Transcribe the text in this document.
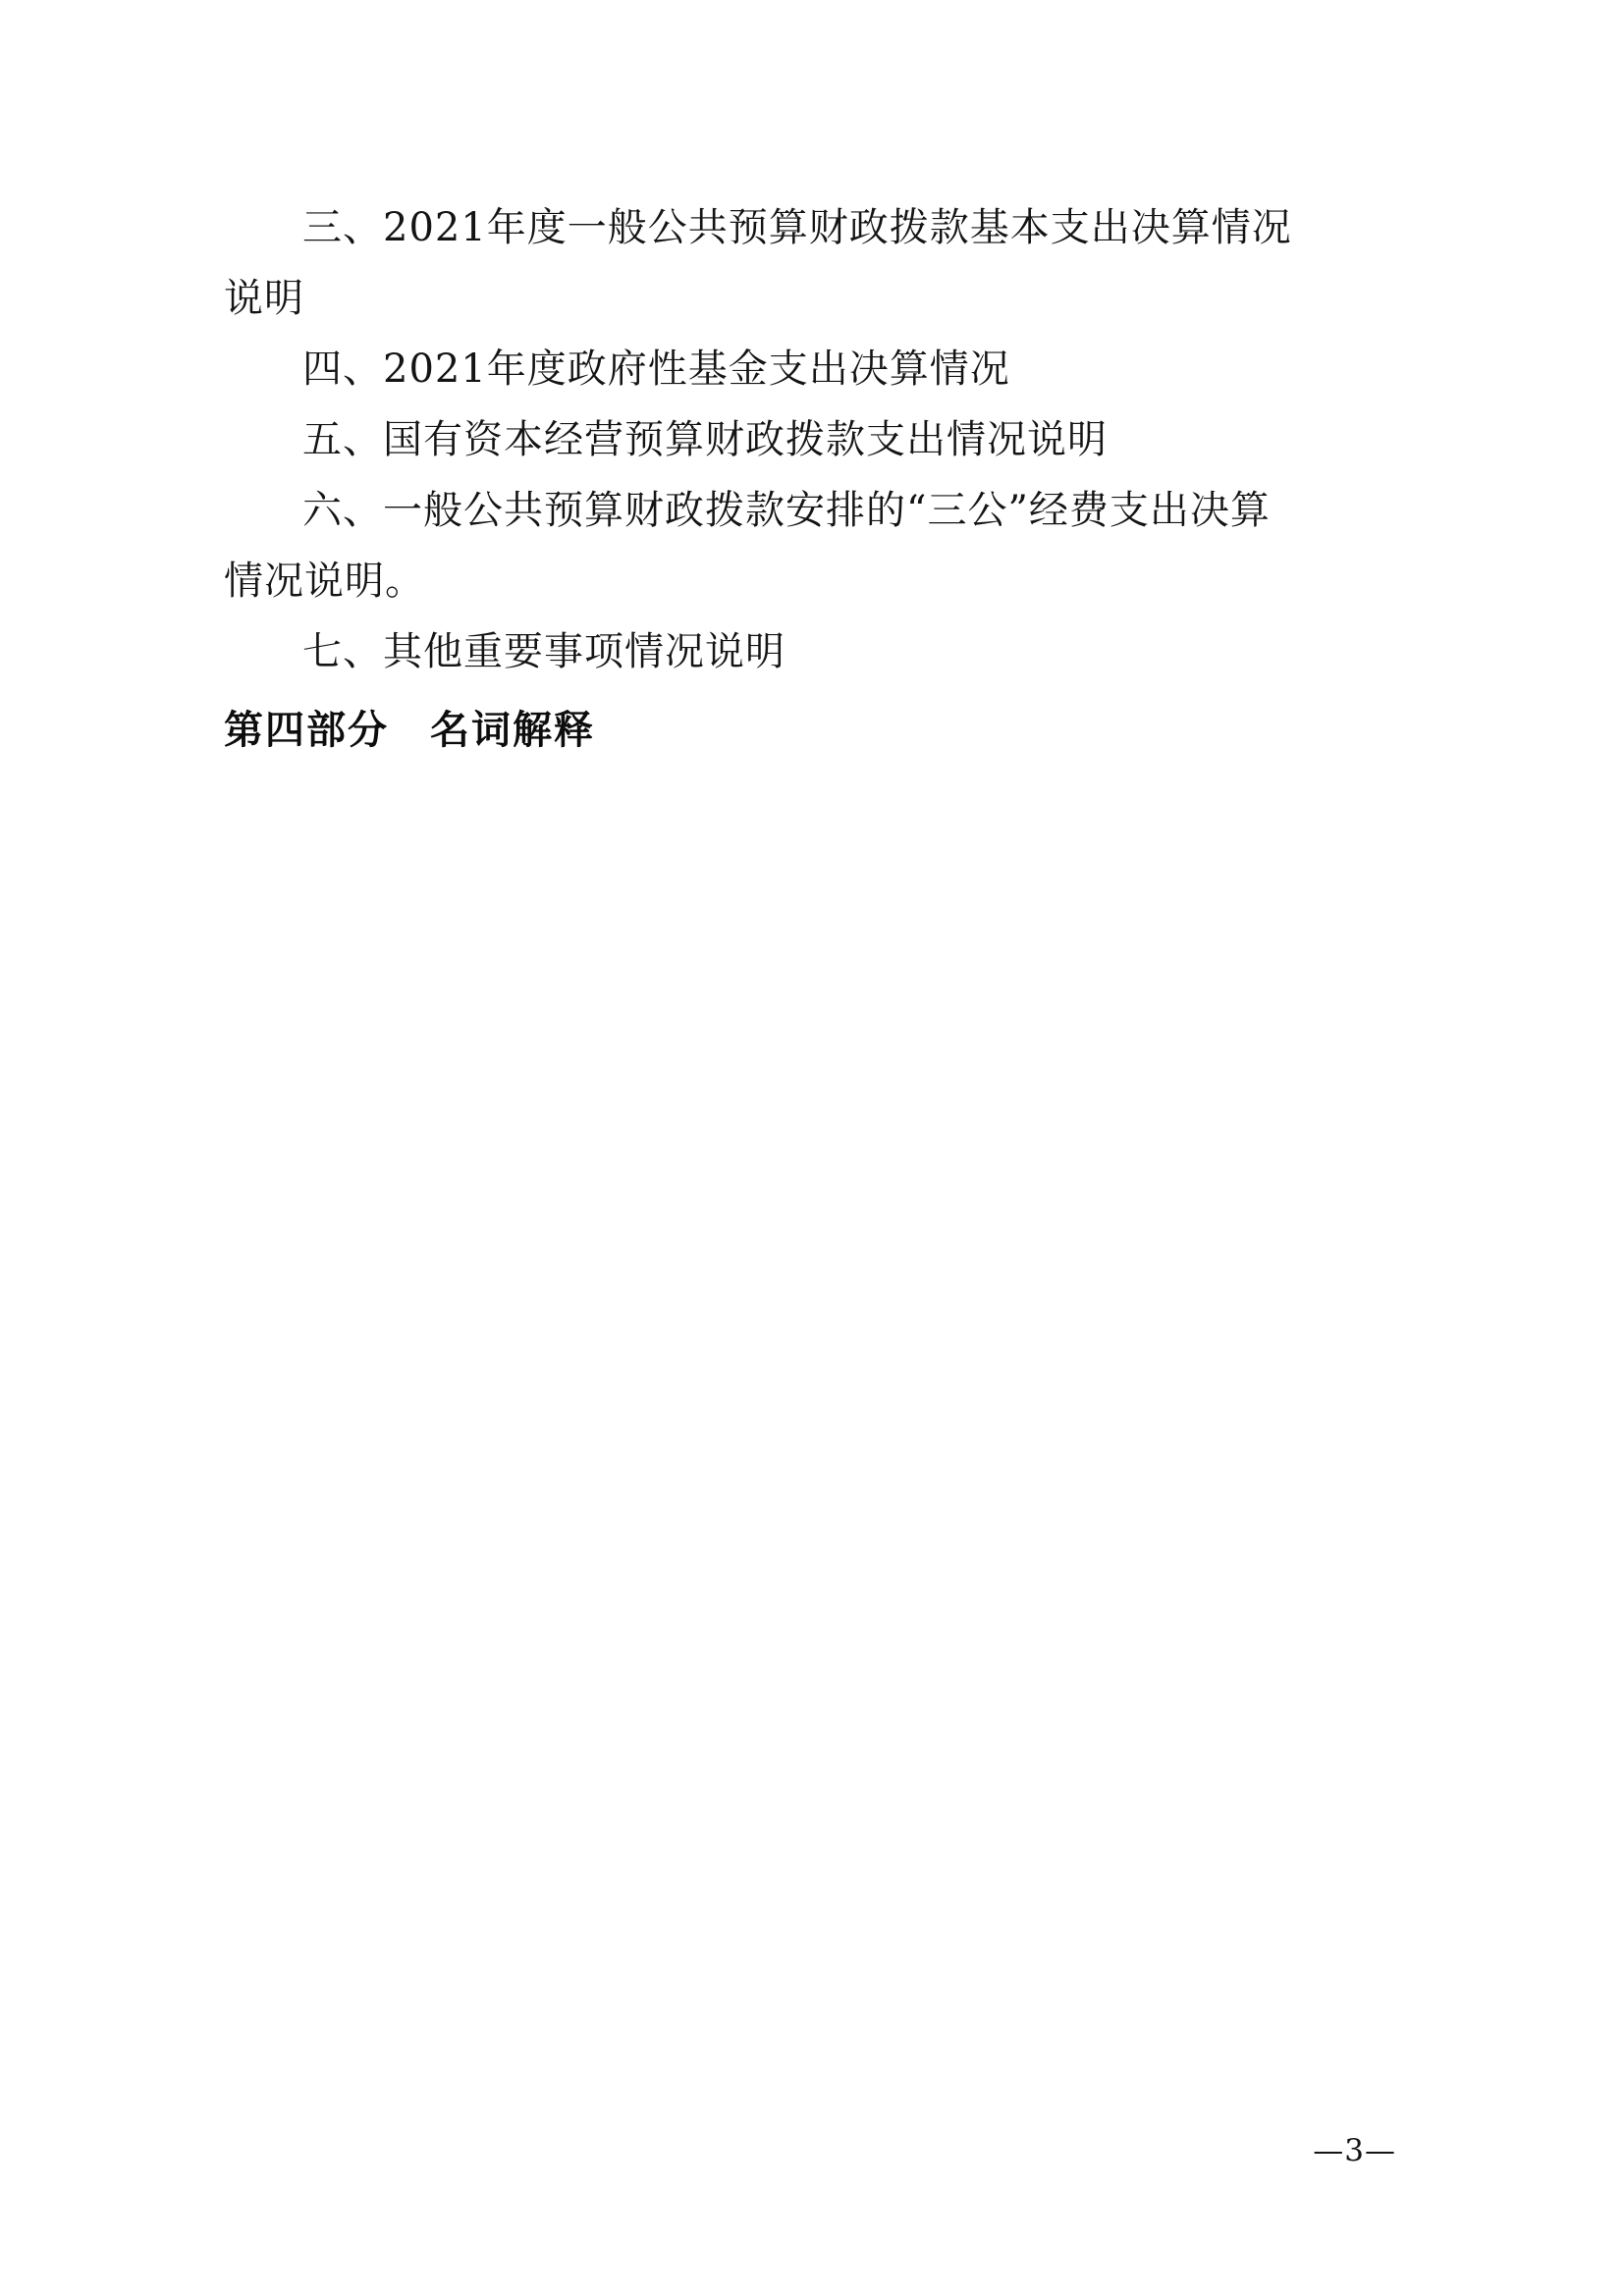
三、2021年度一般公共预算财政拨款基本支出决算情况
说明
四、2021年度政府性基金支出决算情况
五、国有资本经营预算财政拨款支出情况说明
六、一般公共预算财政拨款安排的“三公”经费支出决算
情况说明。
七、其他重要事项情况说明
第四部分　名词解释
—3—
